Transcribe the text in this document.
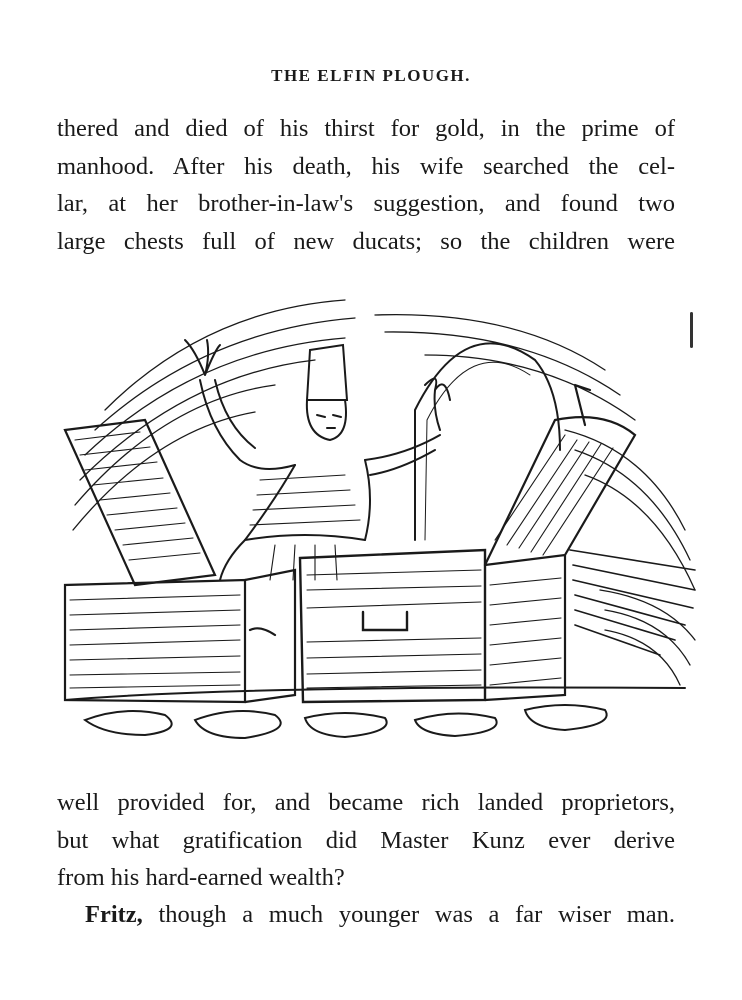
THE ELFIN PLOUGH.

thered and died of his thirst for gold, in the prime of
manhood. After his death, his wife searched the cel-
lar, at her brother-in-law's suggestion, and found two
large chests full of new ducats; so the children were

well provided for, and became rich landed proprietors,
but what gratification did Master Kunz ever derive
from his hard-earned wealth?

Fritz, though a much younger was a far wiser man.
